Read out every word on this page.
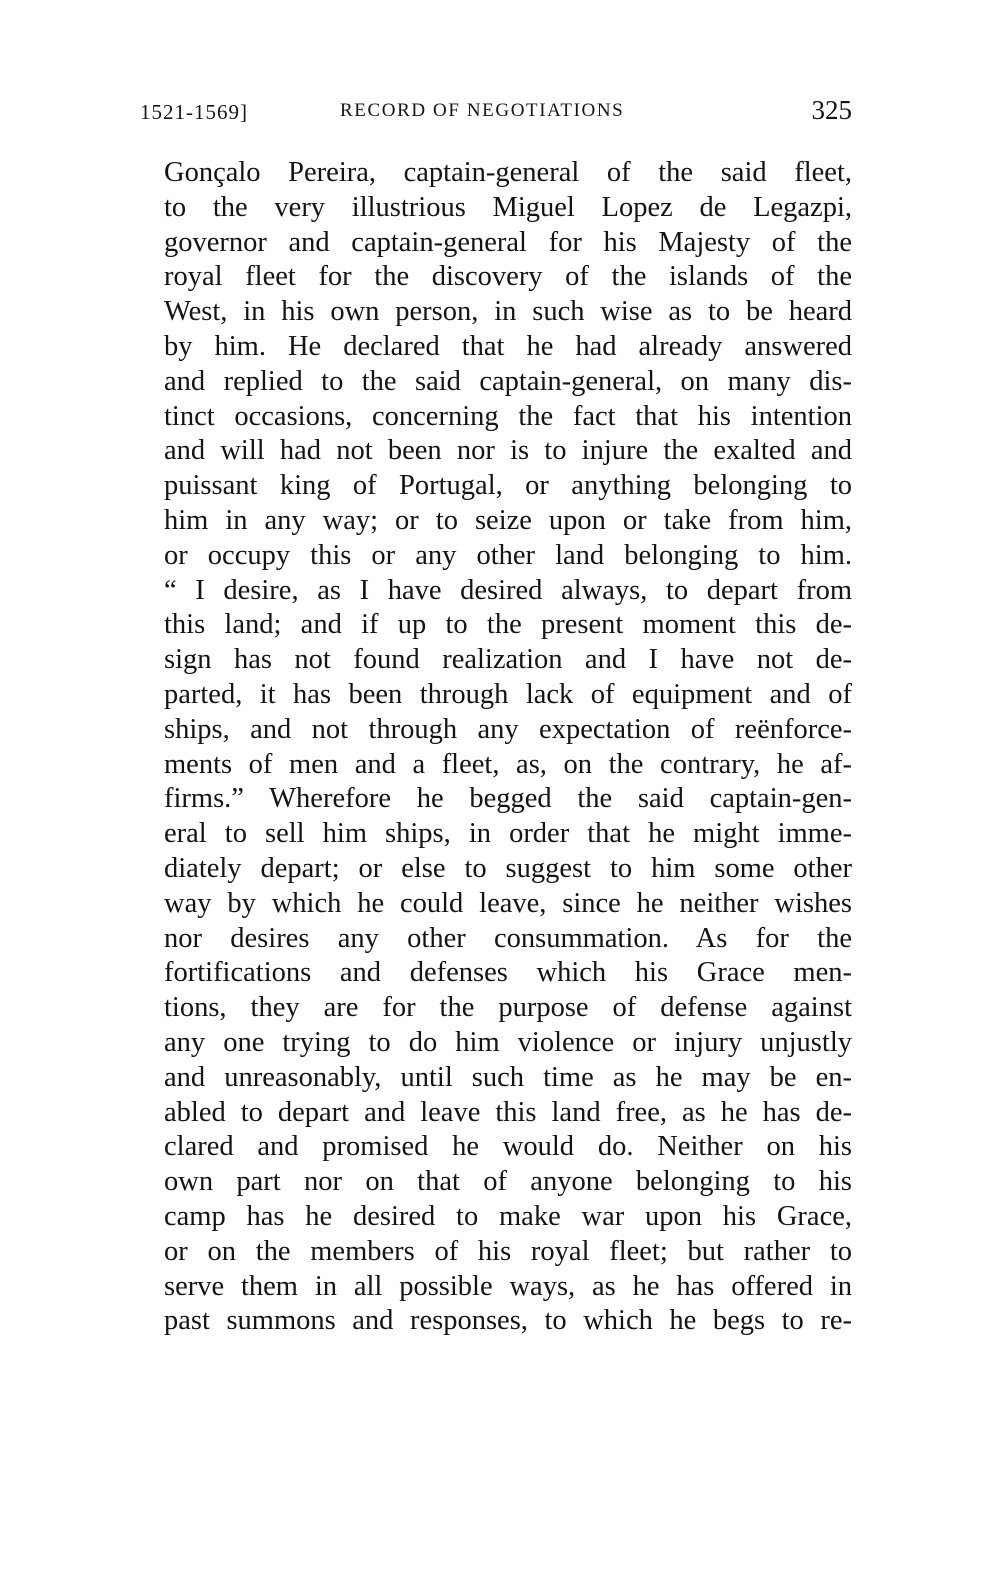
1521-1569]	RECORD OF NEGOTIATIONS	325
Gonçalo Pereira, captain-general of the said fleet,
to the very illustrious Miguel Lopez de Legazpi,
governor and captain-general for his Majesty of the
royal fleet for the discovery of the islands of the
West, in his own person, in such wise as to be heard
by him. He declared that he had already answered
and replied to the said captain-general, on many dis-
tinct occasions, concerning the fact that his intention
and will had not been nor is to injure the exalted and
puissant king of Portugal, or anything belonging to
him in any way; or to seize upon or take from him,
or occupy this or any other land belonging to him.
“ I desire, as I have desired always, to depart from
this land; and if up to the present moment this de-
sign has not found realization and I have not de-
parted, it has been through lack of equipment and of
ships, and not through any expectation of reënforce-
ments of men and a fleet, as, on the contrary, he af-
firms.” Wherefore he begged the said captain-gen-
eral to sell him ships, in order that he might imme-
diately depart; or else to suggest to him some other
way by which he could leave, since he neither wishes
nor desires any other consummation. As for the
fortifications and defenses which his Grace men-
tions, they are for the purpose of defense against
any one trying to do him violence or injury unjustly
and unreasonably, until such time as he may be en-
abled to depart and leave this land free, as he has de-
clared and promised he would do. Neither on his
own part nor on that of anyone belonging to his
camp has he desired to make war upon his Grace,
or on the members of his royal fleet; but rather to
serve them in all possible ways, as he has offered in
past summons and responses, to which he begs to re-
